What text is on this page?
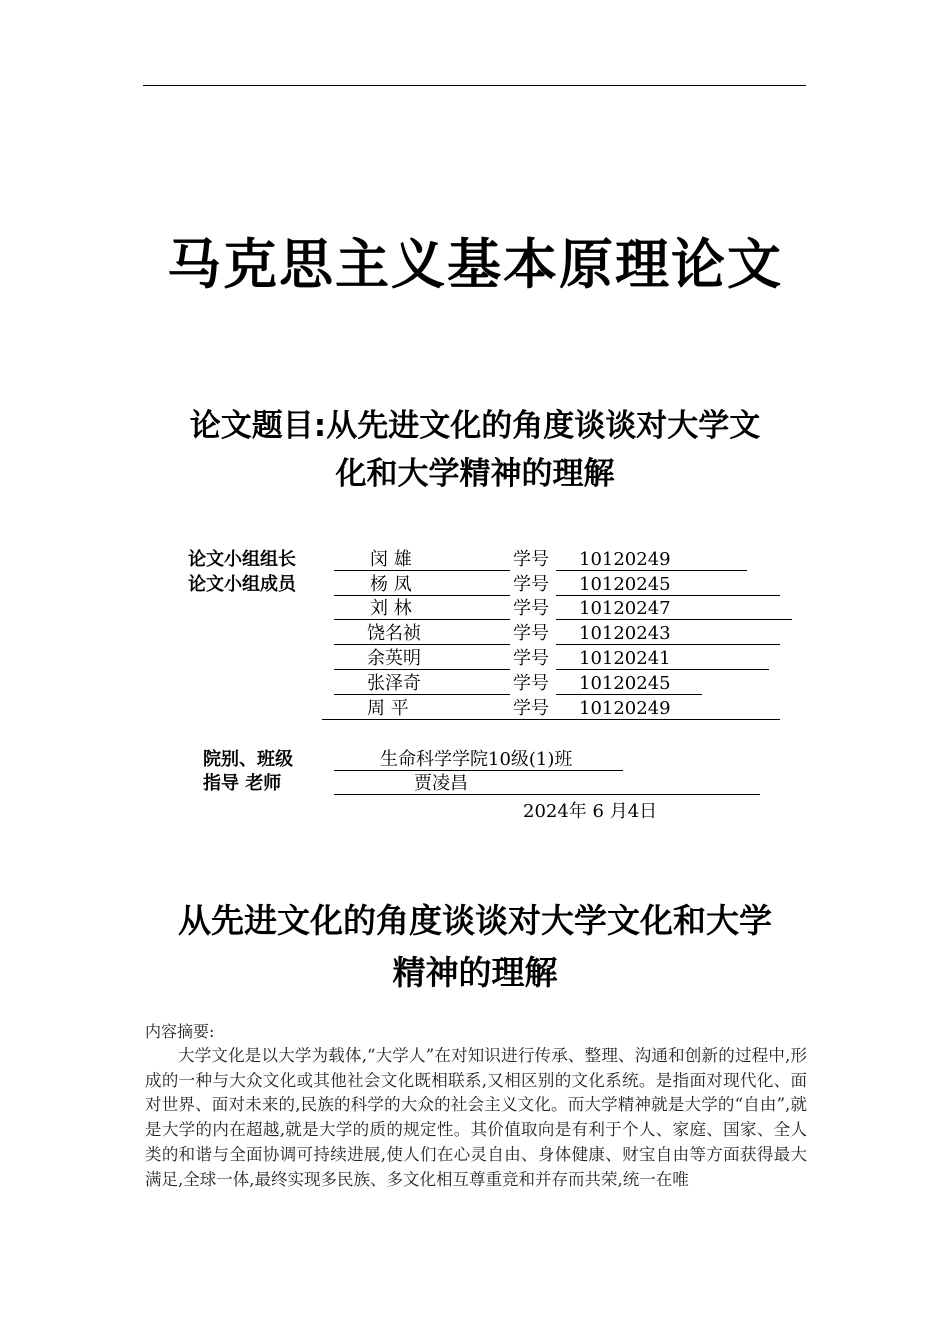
马克思主义基本原理论文
论文题目:从先进文化的角度谈谈对大学文
化和大学精神的理解
论文小组组长	闵 雄	学号 10120249
论文小组成员	杨 凤	学号 10120245
刘 林	学号 10120247
饶名祯	学号 10120243
余英明	学号 10120241
张泽奇	学号 10120245
周 平	学号 10120249
院别、班级	生命科学学院10级(1)班
指导 老师	贾凌昌
2024年 6 月4日
从先进文化的角度谈谈对大学文化和大学
精神的理解
内容摘要:
大学文化是以大学为载体,“大学人”在对知识进行传承、整理、沟通和创新的过程中,形成的一种与大众文化或其他社会文化既相联系,又相区别的文化系统。是指面对现代化、面对世界、面对未来的,民族的科学的大众的社会主义文化。而大学精神就是大学的“自由”,就是大学的内在超越,就是大学的质的规定性。其价值取向是有利于个人、家庭、国家、全人类的和谐与全面协调可持续进展,使人们在心灵自由、身体健康、财宝自由等方面获得最大满足,全球一体,最终实现多民族、多文化相互尊重竞和并存而共荣,统一在唯
